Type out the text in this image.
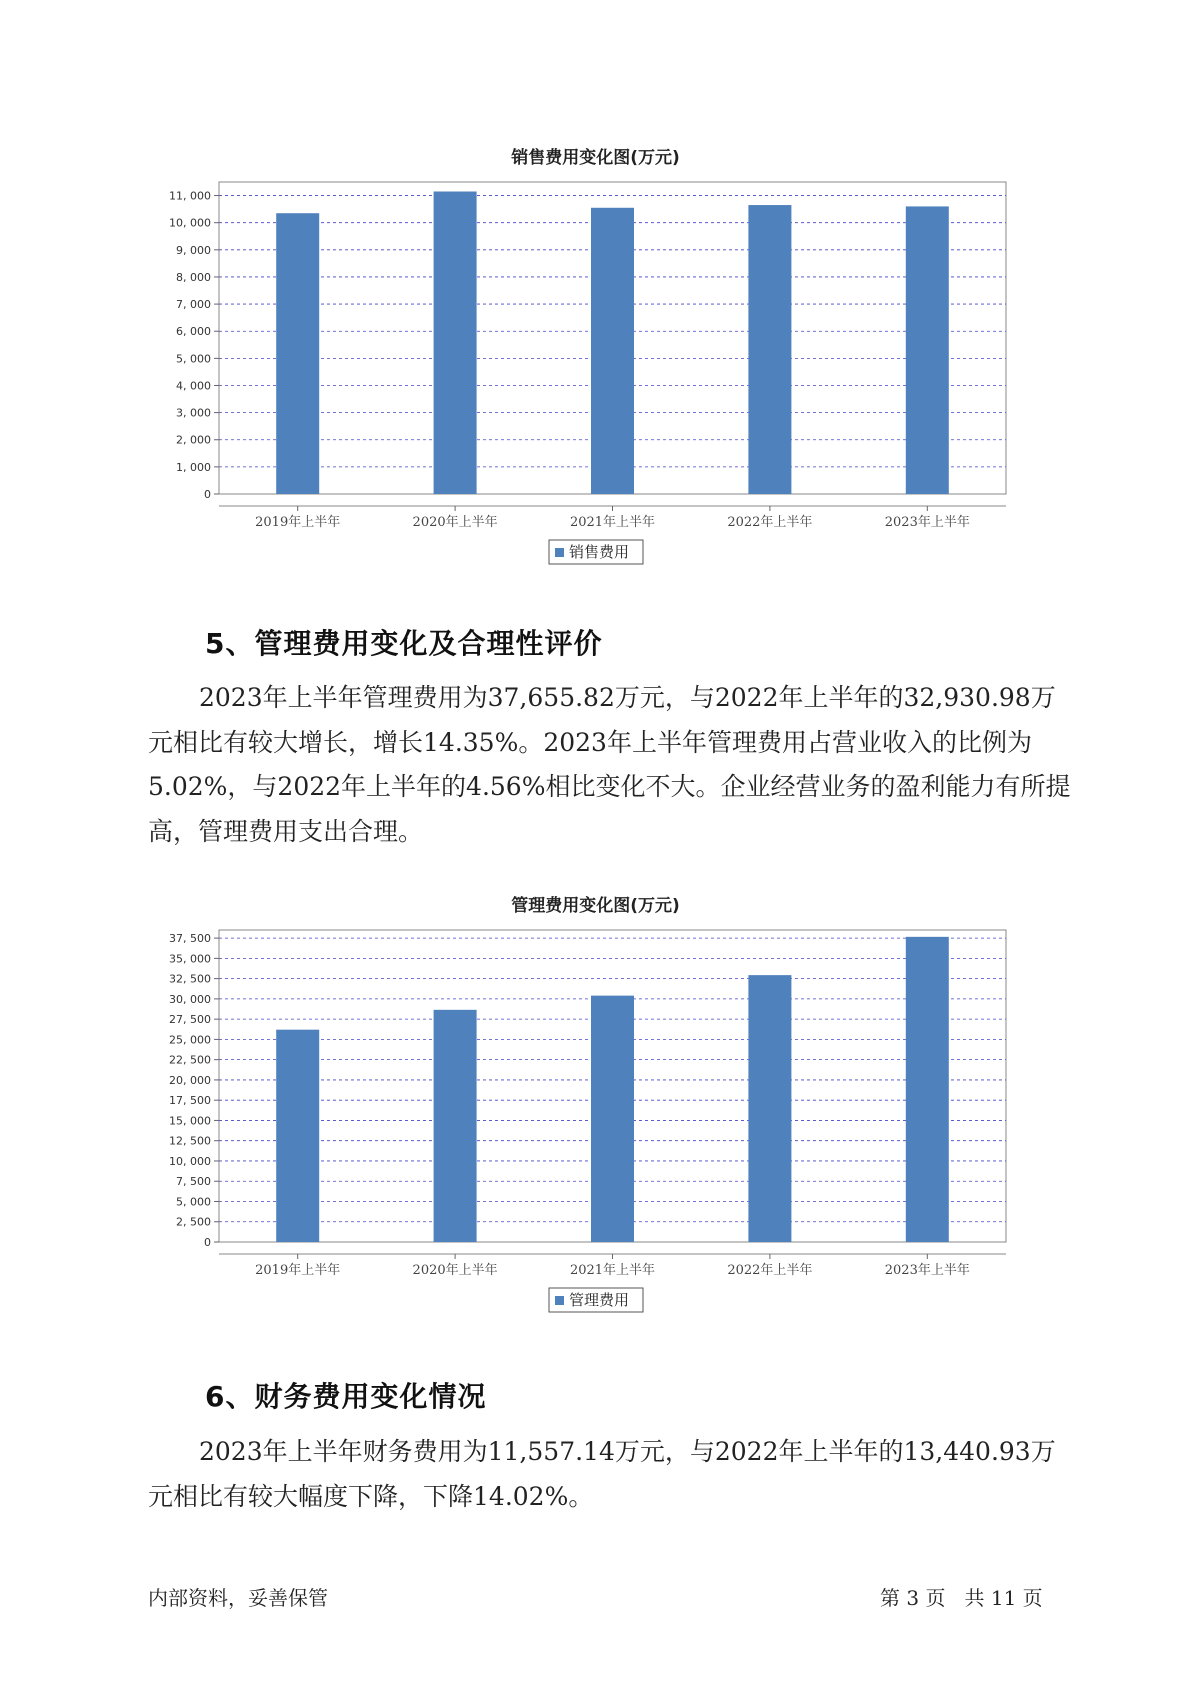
销售费用变化图(万元)
0
1, 000
2, 000
3, 000
4, 000
5, 000
6, 000
7, 000
8, 000
9, 000
10, 000
11, 000
2019年上半年	2020年上半年	2021年上半年	2022年上半年	2023年上半年
销售费用
5、管理费用变化及合理性评价

2023年上半年管理费用为37,655.82万元，与2022年上半年的32,930.98万元相比有较大增长，增长14.35%。2023年上半年管理费用占营业收入的比例为5.02%，与2022年上半年的4.56%相比变化不大。企业经营业务的盈利能力有所提高，管理费用支出合理。

管理费用变化图(万元)
0
2, 500
5, 000
7, 500
10, 000
12, 500
15, 000
17, 500
20, 000
22, 500
25, 000
27, 500
30, 000
32, 500
35, 000
37, 500
2019年上半年	2020年上半年	2021年上半年	2022年上半年	2023年上半年
管理费用
6、财务费用变化情况

2023年上半年财务费用为11,557.14万元，与2022年上半年的13,440.93万元相比有较大幅度下降，下降14.02%。

内部资料，妥善保管	第 3 页   共 11 页
